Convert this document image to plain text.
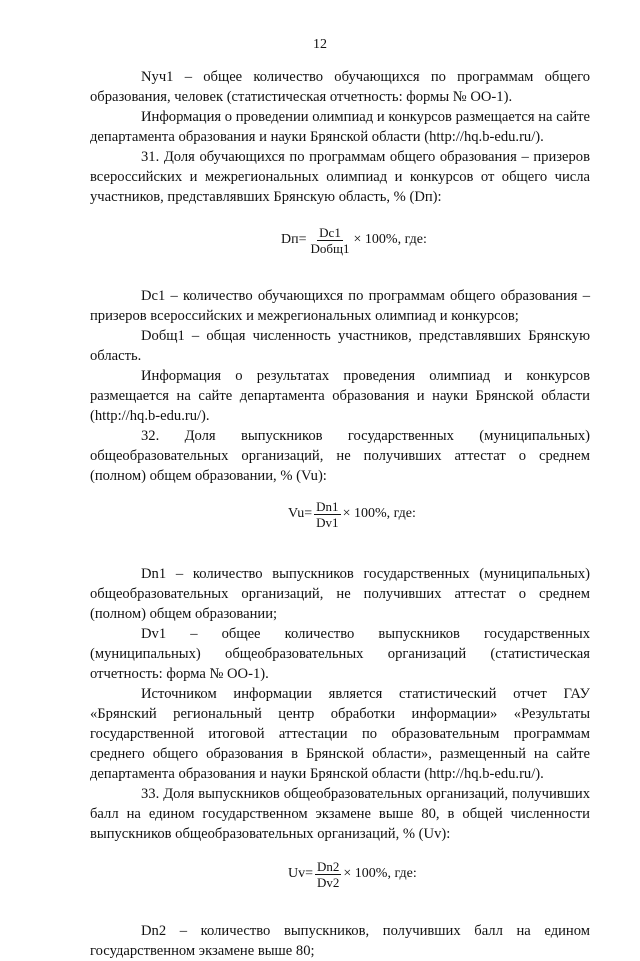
12

Nуч1 – общее количество обучающихся по программам общего образования, человек (статистическая отчетность: формы № ОО-1).

Информация о проведении олимпиад и конкурсов размещается на сайте департамента образования и науки Брянской области (http://hq.b-edu.ru/).

31. Доля обучающихся по программам общего образования – призеров всероссийских и межрегиональных олимпиад и конкурсов от общего числа участников, представлявших Брянскую область, % (Dп):

$Dп= \frac{Dс1}{\text{Dобщ1}} \times 100\%$, где:

Dс1 – количество обучающихся по программам общего образования – призеров всероссийских и межрегиональных олимпиад и конкурсов;

Dобщ1 – общая численность участников, представлявших Брянскую область.

Информация о результатах проведения олимпиад и конкурсов размещается на сайте департамента образования и науки Брянской области (http://hq.b-edu.ru/).

32. Доля выпускников государственных (муниципальных) общеобразовательных организаций, не получивших аттестат о среднем (полном) общем образовании, % (Vu):

$Vu= \frac{Dn1}{Dv1} \times 100\%$, где:

Dn1 – количество выпускников государственных (муниципальных) общеобразовательных организаций, не получивших аттестат о среднем (полном) общем образовании;

Dv1 – общее количество выпускников государственных (муниципальных) общеобразовательных организаций (статистическая отчетность: форма № ОО-1).

Источником информации является статистический отчет ГАУ «Брянский региональный центр обработки информации» «Результаты государственной итоговой аттестации по образовательным программам среднего общего образования в Брянской области», размещенный на сайте департамента образования и науки Брянской области (http://hq.b-edu.ru/).

33. Доля выпускников общеобразовательных организаций, получивших балл на едином государственном экзамене выше 80, в общей численности выпускников общеобразовательных организаций, % (Uv):

$Uv= \frac{Dn2}{Dv2} \times 100\%$, где:

Dn2 – количество выпускников, получивших балл на едином государственном экзамене выше 80;
